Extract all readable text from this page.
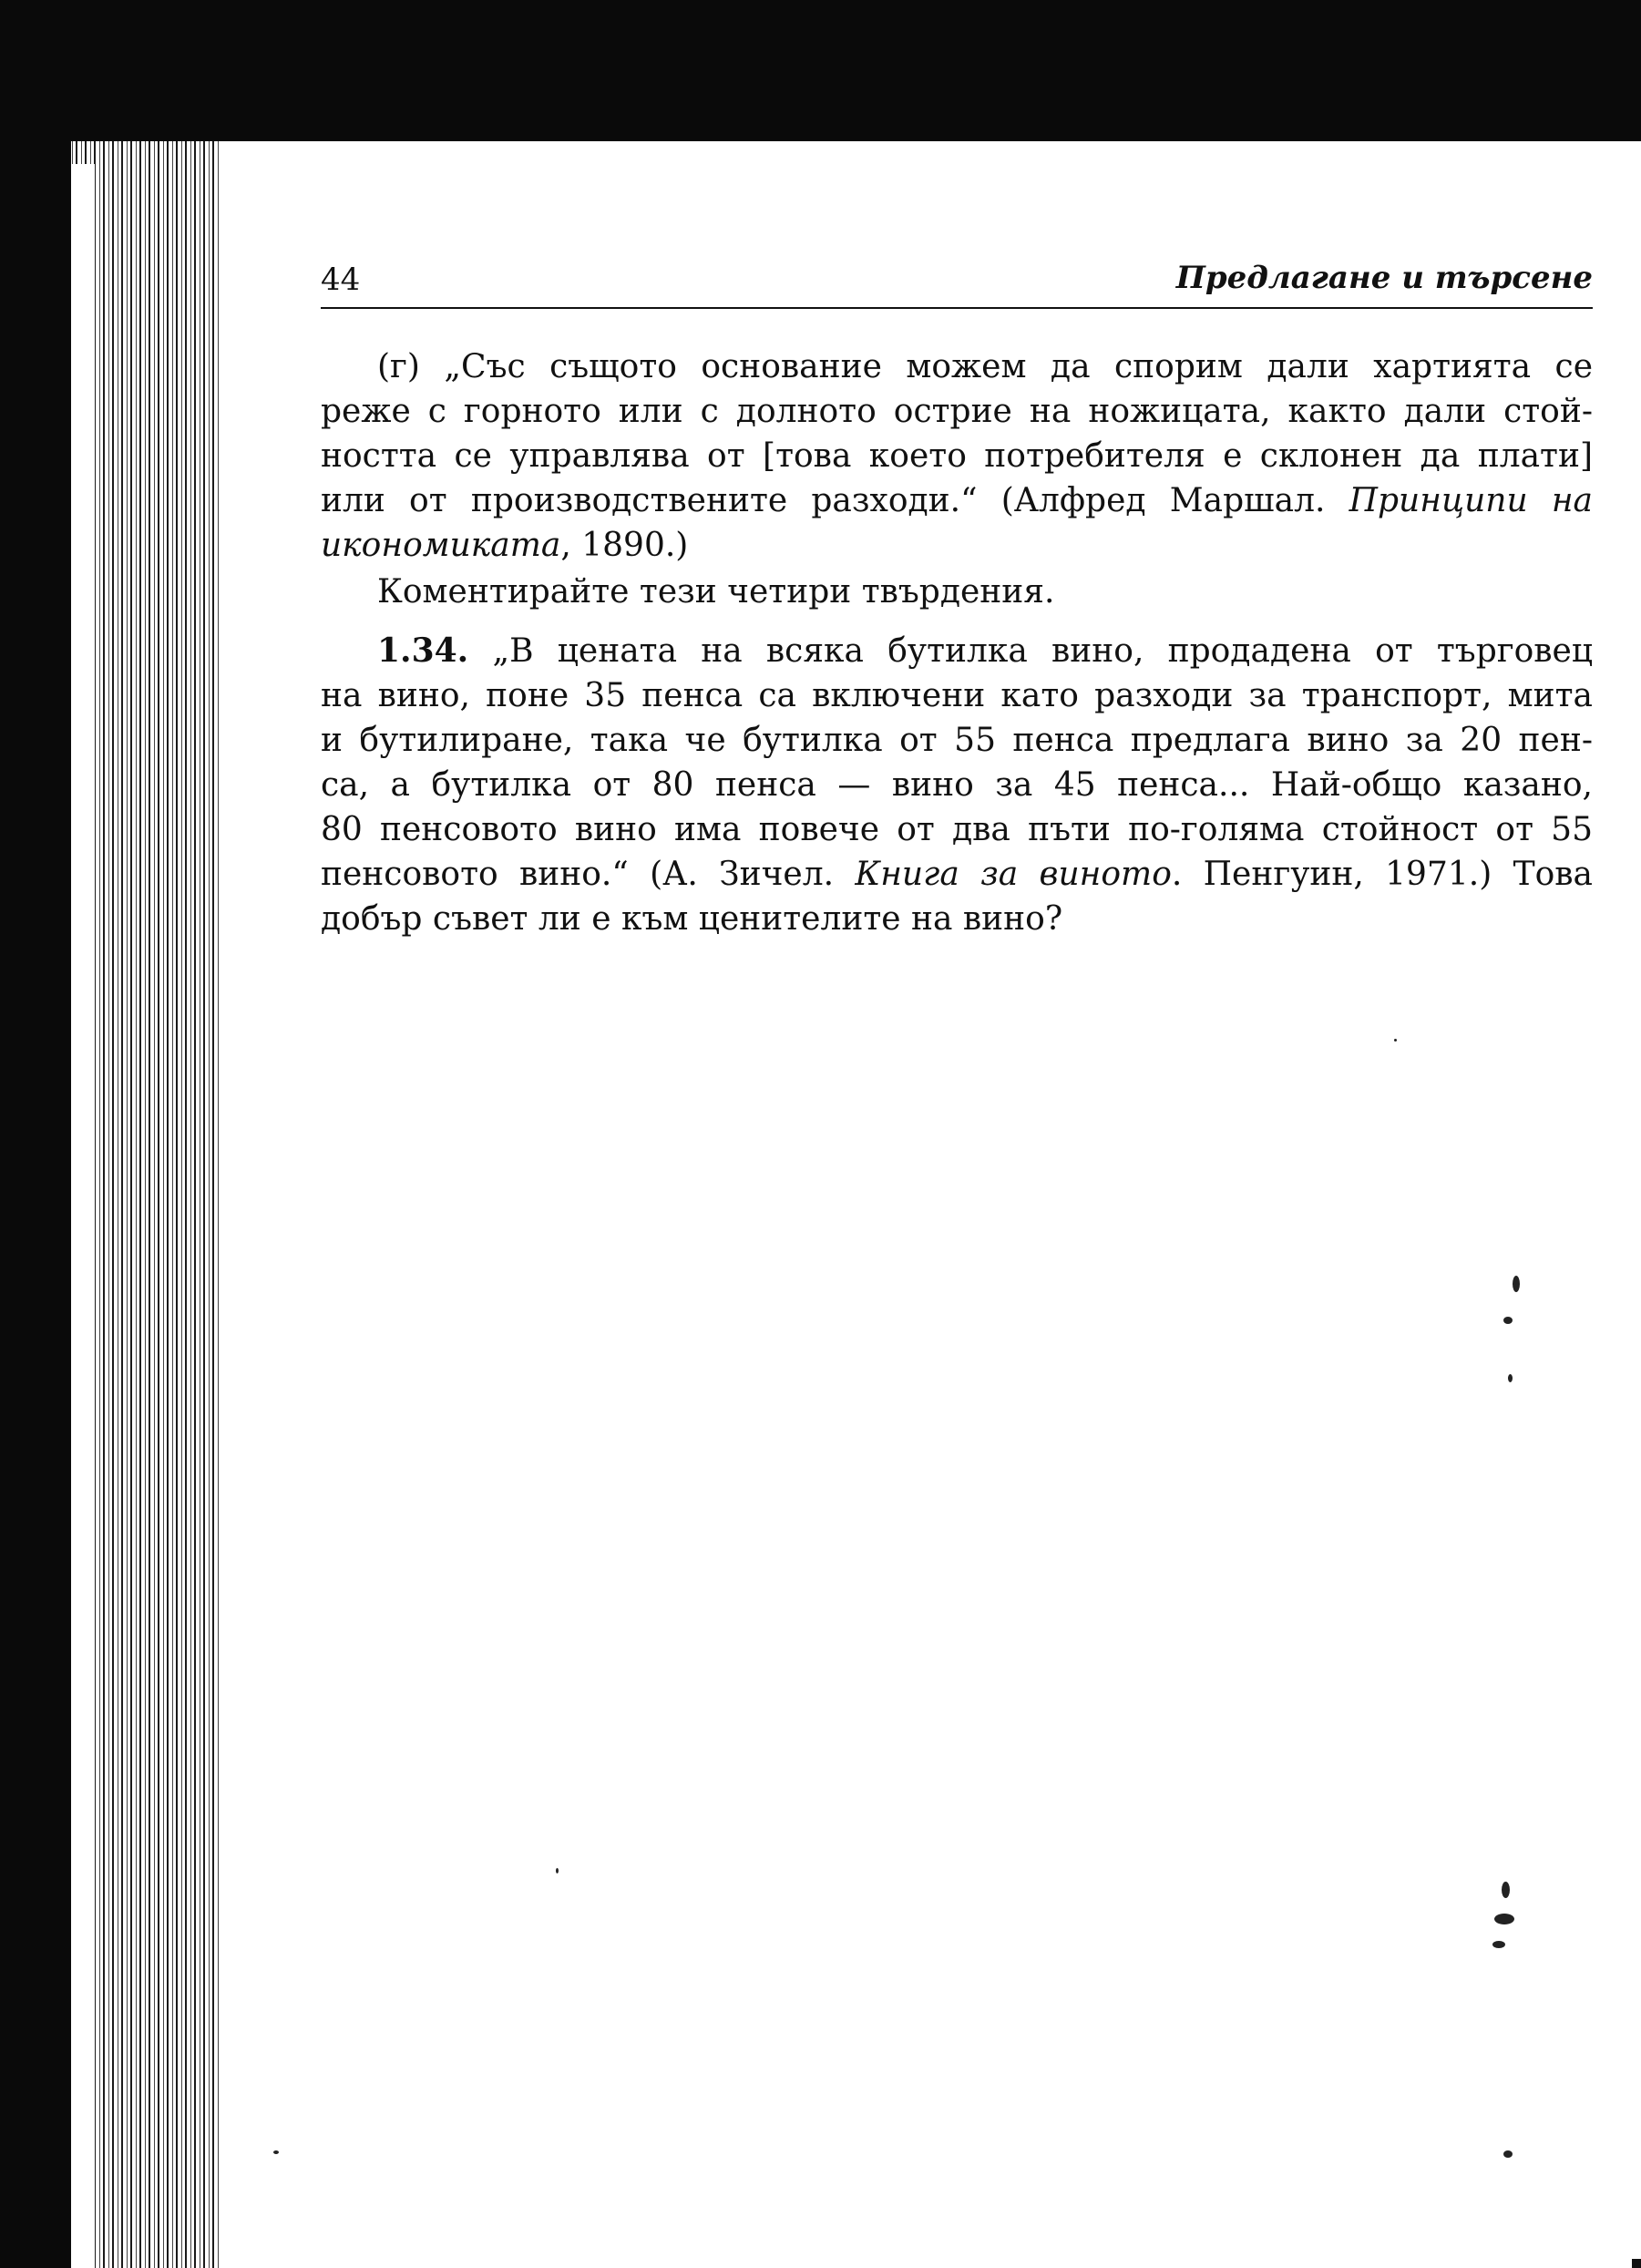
44	Предлагане и търсене

(г) „Със същото основание можем да спорим дали хартията се
реже с горното или с долното острие на ножицата, както дали стой-
ността се управлява от [това което потребителя е склонен да плати]
или от производствените разходи.“ (Алфред Маршал. Принципи на
икономиката, 1890.)

Коментирайте тези четири твърдения.

1.34. „В цената на всяка бутилка вино, продадена от търговец
на вино, поне 35 пенса са включени като разходи за транспорт, мита
и бутилиране, така че бутилка от 55 пенса предлага вино за 20 пен-
са, а бутилка от 80 пенса — вино за 45 пенса... Най-общо казано,
80 пенсовото вино има повече от два пъти по-голяма стойност от 55
пенсовото вино.“ (А. Зичел. Книга за виното. Пенгуин, 1971.) Това
добър съвет ли е към ценителите на вино?
